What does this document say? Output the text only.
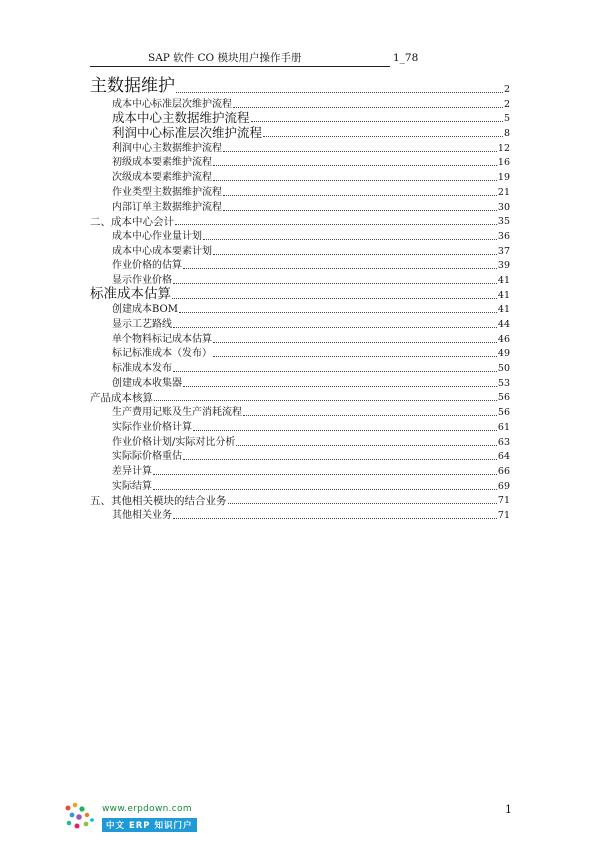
SAP 软件 CO 模块用户操作手册	1_78
主数据维护	2
成本中心标准层次维护流程	2
成本中心主数据维护流程	5
利润中心标准层次维护流程	8
利润中心主数据维护流程	12
初级成本要素维护流程	16
次级成本要素维护流程	19
作业类型主数据维护流程	21
内部订单主数据维护流程	30
二、成本中心会计	35
成本中心作业量计划	36
成本中心成本要素计划	37
作业价格的估算	39
显示作业价格	41
标准成本估算	41
创建成本BOM	41
显示工艺路线	44
单个物料标记成本估算	46
标记标准成本（发布）	49
标准成本发布	50
创建成本收集器	53
产品成本核算	56
生产费用记账及生产消耗流程	56
实际作业价格计算	61
作业价格计划/实际对比分析	63
实际际价格重估	64
差异计算	66
实际结算	69
五、其他相关模块的结合业务	71
其他相关业务	71
www.erpdown.com
中文 ERP 知识门户
1
